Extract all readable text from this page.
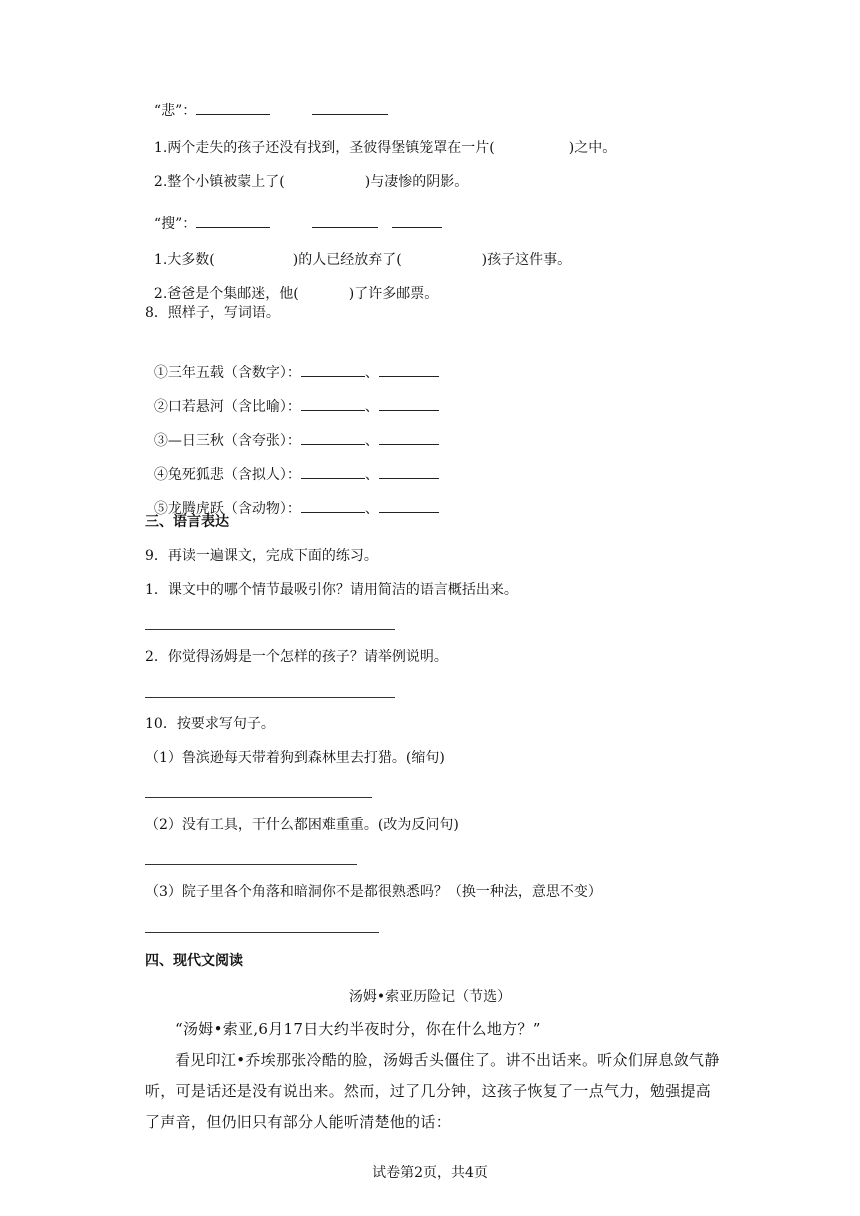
“悲”：

1.两个走失的孩子还没有找到，圣彼得堡镇笼罩在一片(	)之中。

2.整个小镇被蒙上了(	)与凄惨的阴影。

“搜”：

1.大多数(	)的人已经放弃了(	)孩子这件事。

2.爸爸是个集邮迷，他(	)了许多邮票。

8．照样子，写词语。

①三年五载（含数字）：	、

②口若悬河（含比喻）：	、

③—日三秋（含夸张）：	、

④兔死狐悲（含拟人）：	、

⑤龙腾虎跃（含动物）：	、

三、语言表达
9．再读一遍课文，完成下面的练习。
1．课文中的哪个情节最吸引你？请用简洁的语言概括出来。
2．你觉得汤姆是一个怎样的孩子？请举例说明。
10．按要求写句子。
（1）鲁滨逊每天带着狗到森林里去打猎。(缩句)
（2）没有工具，干什么都困难重重。(改为反问句)
（3）院子里各个角落和暗洞你不是都很熟悉吗？（换一种法，意思不变）
四、现代文阅读
汤姆•索亚历险记（节选）

“汤姆•索亚,6月17日大约半夜时分，你在什么地方？”

看见印江•乔埃那张冷酷的脸，汤姆舌头僵住了。讲不出话来。听众们屏息敛气静听，可是话还是没有说出来。然而，过了几分钟，这孩子恢复了一点气力，勉强提高了声音，但仍旧只有部分人能听清楚他的话：

试卷第2页，共4页
